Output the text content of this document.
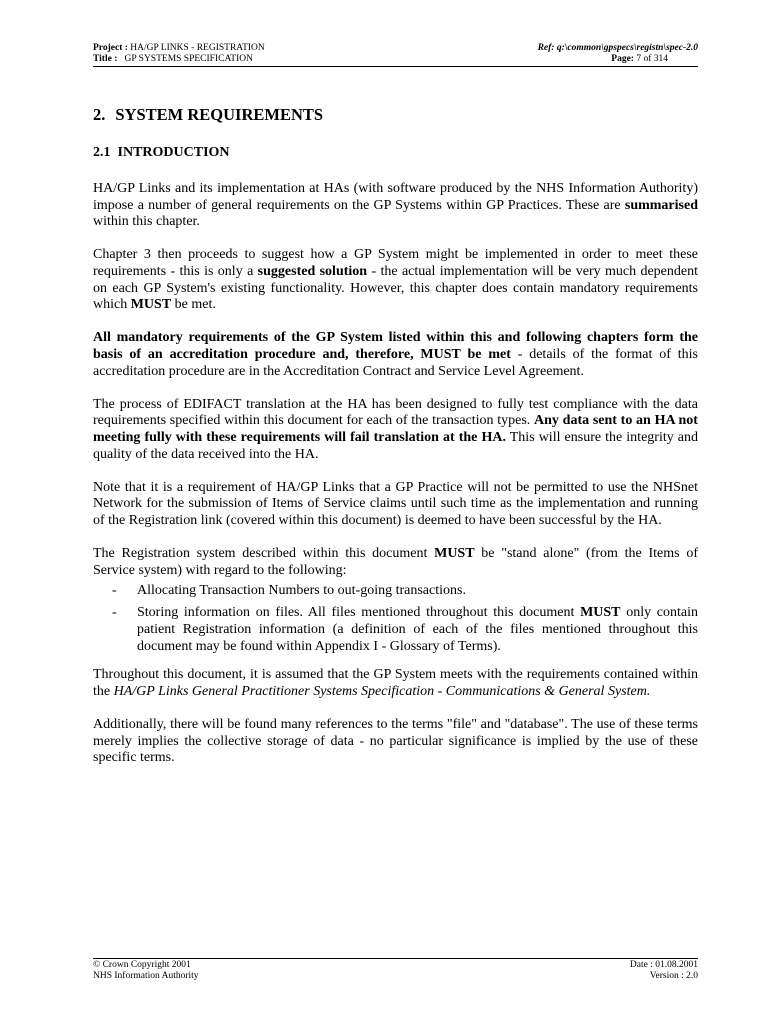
Project : HA/GP LINKS - REGISTRATION	Ref: q:\common\gpspecs\registn\spec-2.0
Title : GP SYSTEMS SPECIFICATION	Page: 7 of 314
2. SYSTEM REQUIREMENTS
2.1 INTRODUCTION

HA/GP Links and its implementation at HAs (with software produced by the NHS Information Authority) impose a number of general requirements on the GP Systems within GP Practices. These are summarised within this chapter.

Chapter 3 then proceeds to suggest how a GP System might be implemented in order to meet these requirements - this is only a suggested solution - the actual implementation will be very much dependent on each GP System's existing functionality. However, this chapter does contain mandatory requirements which MUST be met.

All mandatory requirements of the GP System listed within this and following chapters form the basis of an accreditation procedure and, therefore, MUST be met - details of the format of this accreditation procedure are in the Accreditation Contract and Service Level Agreement.

The process of EDIFACT translation at the HA has been designed to fully test compliance with the data requirements specified within this document for each of the transaction types. Any data sent to an HA not meeting fully with these requirements will fail translation at the HA. This will ensure the integrity and quality of the data received into the HA.

Note that it is a requirement of HA/GP Links that a GP Practice will not be permitted to use the NHSnet Network for the submission of Items of Service claims until such time as the implementation and running of the Registration link (covered within this document) is deemed to have been successful by the HA.

The Registration system described within this document MUST be "stand alone" (from the Items of Service system) with regard to the following:

- Allocating Transaction Numbers to out-going transactions.
- Storing information on files. All files mentioned throughout this document MUST only contain patient Registration information (a definition of each of the files mentioned throughout this document may be found within Appendix I - Glossary of Terms).

Throughout this document, it is assumed that the GP System meets with the requirements contained within the HA/GP Links General Practitioner Systems Specification - Communications & General System.

Additionally, there will be found many references to the terms "file" and "database". The use of these terms merely implies the collective storage of data - no particular significance is implied by the use of these specific terms.

© Crown Copyright 2001	Date : 01.08.2001
NHS Information Authority	Version : 2.0
